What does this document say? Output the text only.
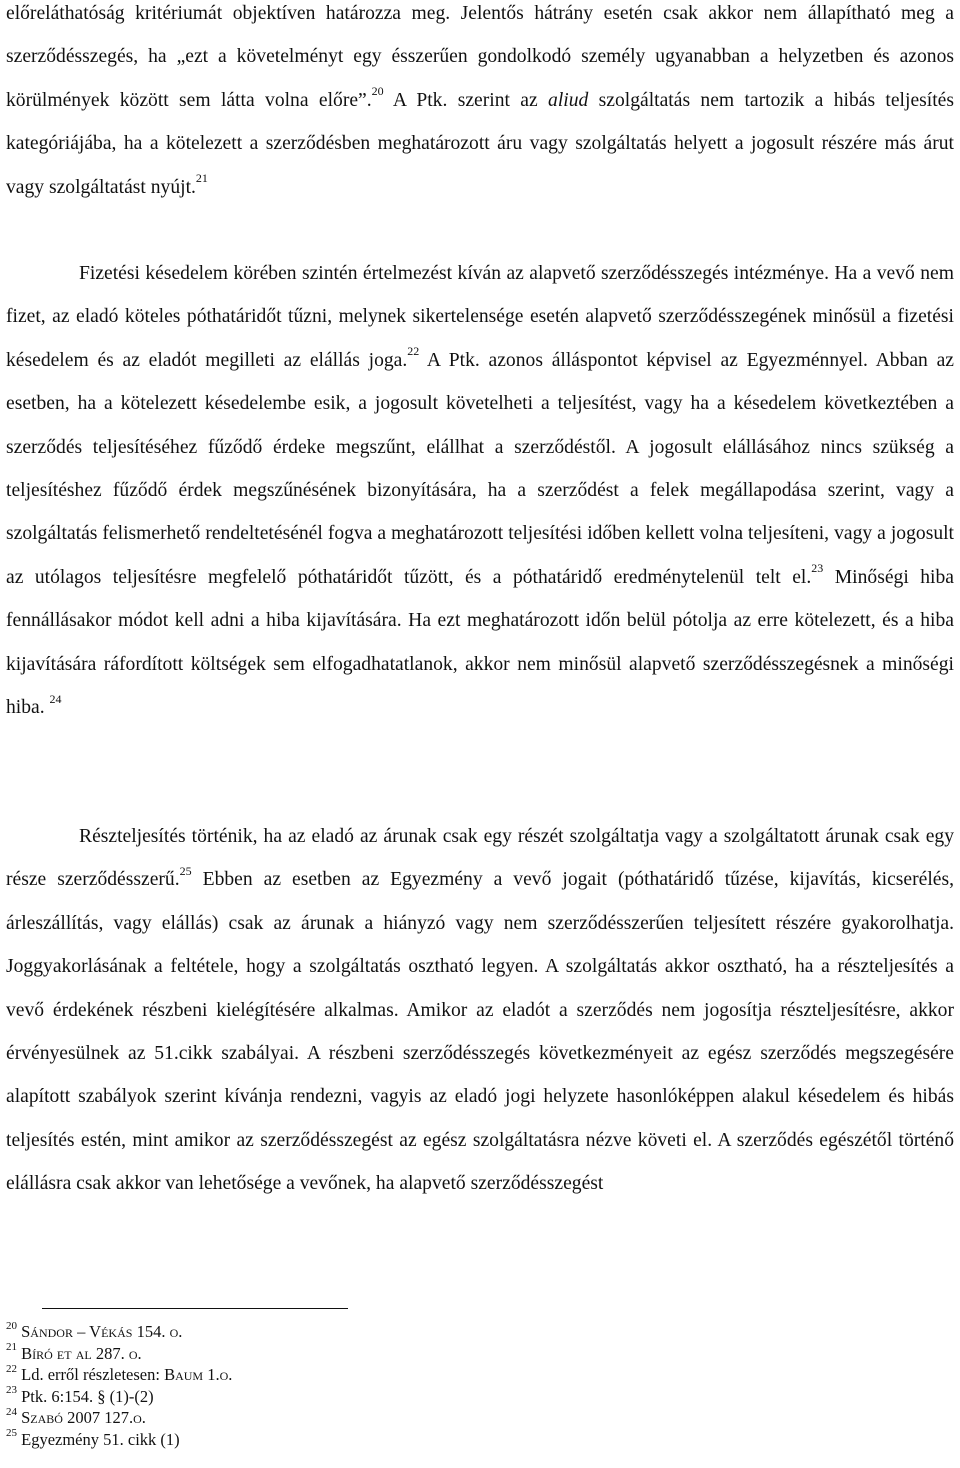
előreláthatóság kritériumát objektíven határozza meg. Jelentős hátrány esetén csak akkor nem állapítható meg a szerződésszegés, ha „ezt a követelményt egy ésszerűen gondolkodó személy ugyanabban a helyzetben és azonos körülmények között sem látta volna előre”.$^{20}$ A Ptk. szerint az aliud szolgáltatás nem tartozik a hibás teljesítés kategóriájába, ha a kötelezett a szerződésben meghatározott áru vagy szolgáltatás helyett a jogosult részére más árut vagy szolgáltatást nyújt.$^{21}$

Fizetési késedelem körében szintén értelmezést kíván az alapvető szerződésszegés intézménye. Ha a vevő nem fizet, az eladó köteles póthatáridőt tűzni, melynek sikertelensége esetén alapvető szerződésszegének minősül a fizetési késedelem és az eladót megilleti az elállás joga.$^{22}$ A Ptk. azonos álláspontot képvisel az Egyezménnyel. Abban az esetben, ha a kötelezett késedelembe esik, a jogosult követelheti a teljesítést, vagy ha a késedelem következtében a szerződés teljesítéséhez fűződő érdeke megszűnt, elállhat a szerződéstől. A jogosult elállásához nincs szükség a teljesítéshez fűződő érdek megszűnésének bizonyítására, ha a szerződést a felek megállapodása szerint, vagy a szolgáltatás felismerhető rendeltetésénél fogva a meghatározott teljesítési időben kellett volna teljesíteni, vagy a jogosult az utólagos teljesítésre megfelelő póthatáridőt tűzött, és a póthatáridő eredménytelenül telt el.$^{23}$ Minőségi hiba fennállásakor módot kell adni a hiba kijavítására. Ha ezt meghatározott időn belül pótolja az erre kötelezett, és a hiba kijavítására ráfordított költségek sem elfogadhatatlanok, akkor nem minősül alapvető szerződésszegésnek a minőségi hiba. $^{24}$

Részteljesítés történik, ha az eladó az árunak csak egy részét szolgáltatja vagy a szolgáltatott árunak csak egy része szerződésszerű.$^{25}$ Ebben az esetben az Egyezmény a vevő jogait (póthatáridő tűzése, kijavítás, kicserélés, árleszállítás, vagy elállás) csak az árunak a hiányzó vagy nem szerződésszerűen teljesített részére gyakorolhatja. Joggyakorlásának a feltétele, hogy a szolgáltatás osztható legyen. A szolgáltatás akkor osztható, ha a részteljesítés a vevő érdekének részbeni kielégítésére alkalmas. Amikor az eladót a szerződés nem jogosítja részteljesítésre, akkor érvényesülnek az 51.cikk szabályai. A részbeni szerződésszegés következményeit az egész szerződés megszegésére alapított szabályok szerint kívánja rendezni, vagyis az eladó jogi helyzete hasonlóképpen alakul késedelem és hibás teljesítés estén, mint amikor az szerződésszegést az egész szolgáltatásra nézve követi el. A szerződés egészétől történő elállásra csak akkor van lehetősége a vevőnek, ha alapvető szerződésszegést

$^{20}$ Sándor – Vékás 154. o.

$^{21}$ Bíró et al 287. o.

$^{22}$ Ld. erről részletesen: Baum 1.o.

$^{23}$ Ptk. 6:154. § (1)-(2)

$^{24}$ Szabó 2007 127.o.

$^{25}$ Egyezmény 51. cikk (1)
